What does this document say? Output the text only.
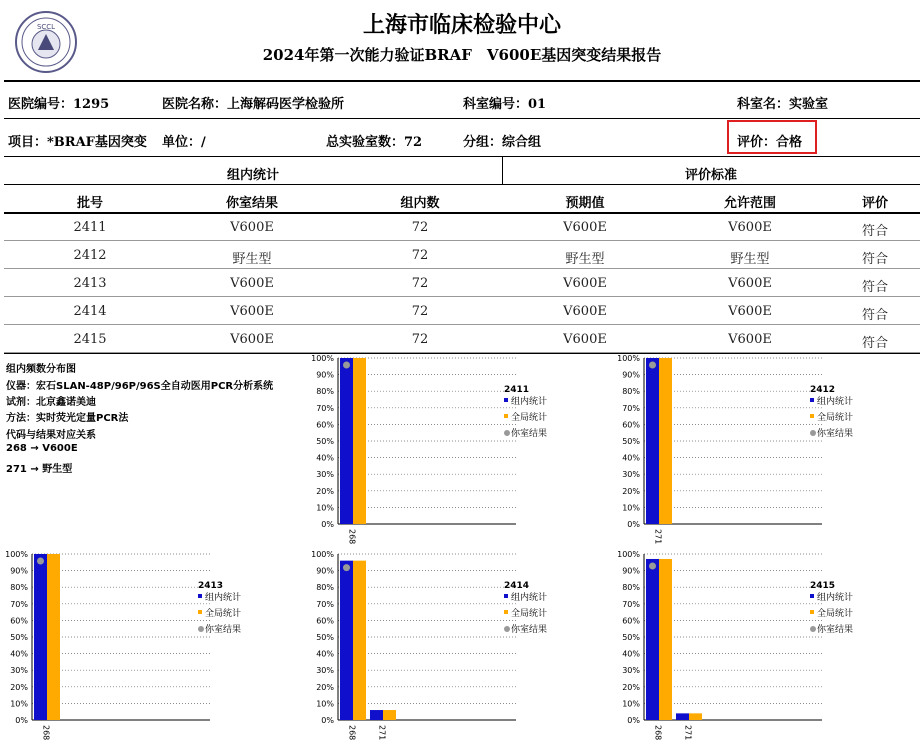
SCCL	上海市临床检验中心
2024年第一次能力验证BRAF　V600E基因突变结果报告
医院编号：1295	医院名称：上海解码医学检验所	科室编号：01	科室名：实验室
项目：*BRAF基因突变 单位：/	总实验室数：72	分组：综合组	评价：合格
组内统计	评价标准
批号	你室结果	组内数	预期值	允许范围	评价
2411	V600E	72	V600E	V600E	符合
2412	野生型	72	野生型	野生型	符合
2413	V600E	72	V600E	V600E	符合
2414	V600E	72	V600E	V600E	符合
2415	V600E	72	V600E	V600E	符合
组内频数分布图
仪器：宏石SLAN-48P/96P/96S全自动医用PCR分析系统
试剂：北京鑫诺美迪
方法：实时荧光定量PCR法
代码与结果对应关系
268 → V600E
271 → 野生型
0%
10%
20%
30%
40%
50%
60%
70%
80%
90%
100%
268
2411
组内统计
全局统计
你室结果
0%
10%
20%
30%
40%
50%
60%
70%
80%
90%
100%
271
2412
组内统计
全局统计
你室结果
0%
10%
20%
30%
40%
50%
60%
70%
80%
90%
100%
268
2413
组内统计
全局统计
你室结果
0%
10%
20%
30%
40%
50%
60%
70%
80%
90%
100%
268	271
2414
组内统计
全局统计
你室结果
0%
10%
20%
30%
40%
50%
60%
70%
80%
90%
100%
268	271
2415
组内统计
全局统计
你室结果
